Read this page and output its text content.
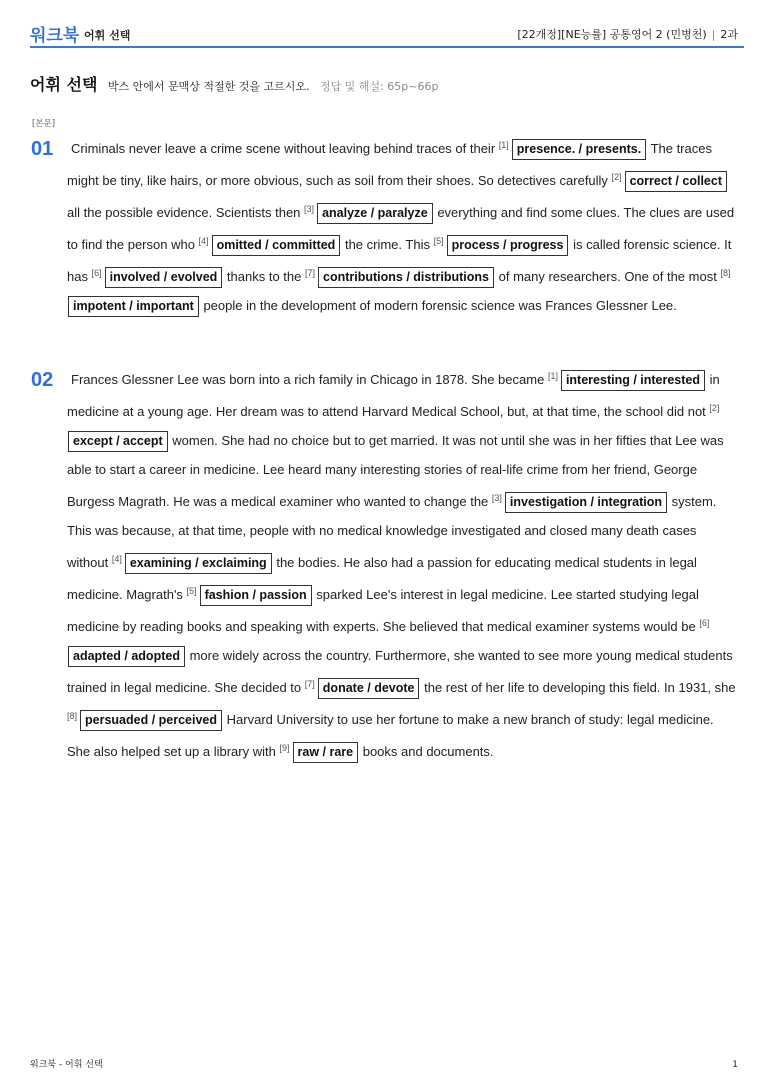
워크북 어휘 선택	[22개정][NE능률] 공통영어 2 (민병천) | 2과
어휘 선택 박스 안에서 문맥상 적절한 것을 고르시오. 정답 및 해설: 65p~66p
[본문]
01 Criminals never leave a crime scene without leaving behind traces of their [1] presence. / presents. The traces might be tiny, like hairs, or more obvious, such as soil from their shoes. So detectives carefully [2] correct / collect all the possible evidence. Scientists then [3] analyze / paralyze everything and find some clues. The clues are used to find the person who [4] omitted / committed the crime. This [5] process / progress is called forensic science. It has [6] involved / evolved thanks to the [7] contributions / distributions of many researchers. One of the most [8]impotent / important people in the development of modern forensic science was Frances Glessner Lee.
02 Frances Glessner Lee was born into a rich family in Chicago in 1878. She became [1] interesting / interested in medicine at a young age. Her dream was to attend Harvard Medical School, but, at that time, the school did not [2]except / accept women. She had no choice but to get married. It was not until she was in her fifties that Lee was able to start a career in medicine. Lee heard many interesting stories of real-life crime from her friend, George Burgess Magrath. He was a medical examiner who wanted to change the [3] investigation / integration system. This was because, at that time, people with no medical knowledge investigated and closed many death cases without [4] examining / exclaiming the bodies. He also had a passion for educating medical students in legal medicine. Magrath's [5] fashion / passion sparked Lee's interest in legal medicine. Lee started studying legal medicine by reading books and speaking with experts. She believed that medical examiner systems would be [6]adapted / adopted more widely across the country. Furthermore, she wanted to see more young medical students trained in legal medicine. She decided to [7] donate / devote the rest of her life to developing this field. In 1931, she [8] persuaded / perceived Harvard University to use her fortune to make a new branch of study: legal medicine. She also helped set up a library with [9] raw / rare books and documents.
워크북 - 어휘 선택	1
